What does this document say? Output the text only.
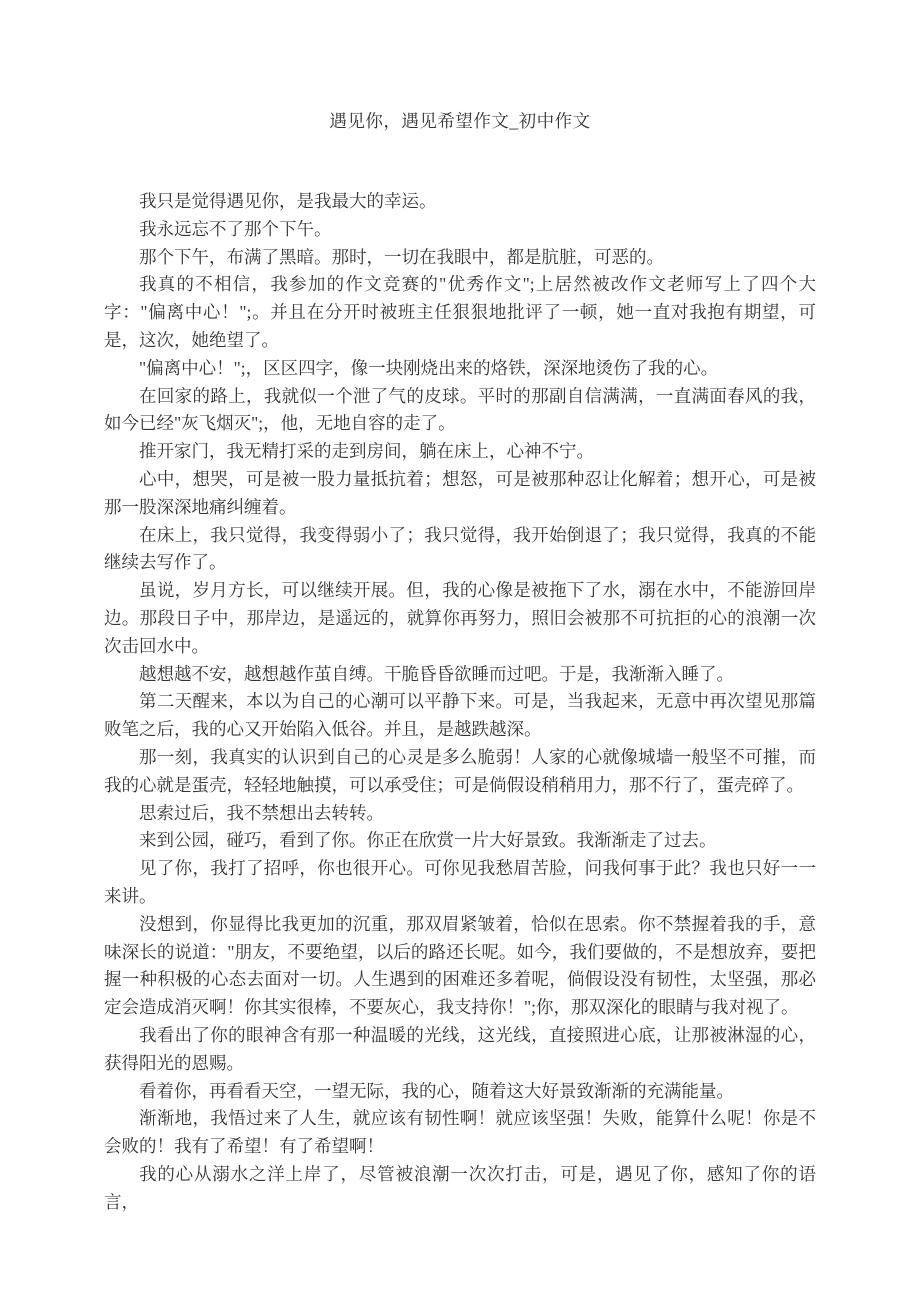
遇见你，遇见希望作文_初中作文

我只是觉得遇见你，是我最大的幸运。

我永远忘不了那个下午。

那个下午，布满了黑暗。那时，一切在我眼中，都是肮脏，可恶的。

我真的不相信，我参加的作文竞赛的"优秀作文";上居然被改作文老师写上了四个大字："偏离中心！";。并且在分开时被班主任狠狠地批评了一顿，她一直对我抱有期望，可是，这次，她绝望了。

"偏离中心！";，区区四字，像一块刚烧出来的烙铁，深深地烫伤了我的心。

在回家的路上，我就似一个泄了气的皮球。平时的那副自信满满，一直满面春风的我，如今已经"灰飞烟灭";，他，无地自容的走了。

推开家门，我无精打采的走到房间，躺在床上，心神不宁。

心中，想哭，可是被一股力量抵抗着；想怒，可是被那种忍让化解着；想开心，可是被那一股深深地痛纠缠着。

在床上，我只觉得，我变得弱小了；我只觉得，我开始倒退了；我只觉得，我真的不能继续去写作了。

虽说，岁月方长，可以继续开展。但，我的心像是被拖下了水，溺在水中，不能游回岸边。那段日子中，那岸边，是遥远的，就算你再努力，照旧会被那不可抗拒的心的浪潮一次次击回水中。

越想越不安，越想越作茧自缚。干脆昏昏欲睡而过吧。于是，我渐渐入睡了。

第二天醒来，本以为自己的心潮可以平静下来。可是，当我起来，无意中再次望见那篇败笔之后，我的心又开始陷入低谷。并且，是越跌越深。

那一刻，我真实的认识到自己的心灵是多么脆弱！人家的心就像城墙一般坚不可摧，而我的心就是蛋壳，轻轻地触摸，可以承受住；可是倘假设稍稍用力，那不行了，蛋壳碎了。

思索过后，我不禁想出去转转。

来到公园，碰巧，看到了你。你正在欣赏一片大好景致。我渐渐走了过去。

见了你，我打了招呼，你也很开心。可你见我愁眉苦脸，问我何事于此？我也只好一一来讲。

没想到，你显得比我更加的沉重，那双眉紧皱着，恰似在思索。你不禁握着我的手，意味深长的说道："朋友，不要绝望，以后的路还长呢。如今，我们要做的，不是想放弃，要把握一种积极的心态去面对一切。人生遇到的困难还多着呢，倘假设没有韧性，太坚强，那必定会造成消灭啊！你其实很棒，不要灰心，我支持你！";你，那双深化的眼睛与我对视了。

我看出了你的眼神含有那一种温暖的光线，这光线，直接照进心底，让那被淋湿的心，获得阳光的恩赐。

看着你，再看看天空，一望无际，我的心，随着这大好景致渐渐的充满能量。

渐渐地，我悟过来了人生，就应该有韧性啊！就应该坚强！失败，能算什么呢！你是不会败的！我有了希望！有了希望啊！

我的心从溺水之洋上岸了，尽管被浪潮一次次打击，可是，遇见了你，感知了你的语言，
